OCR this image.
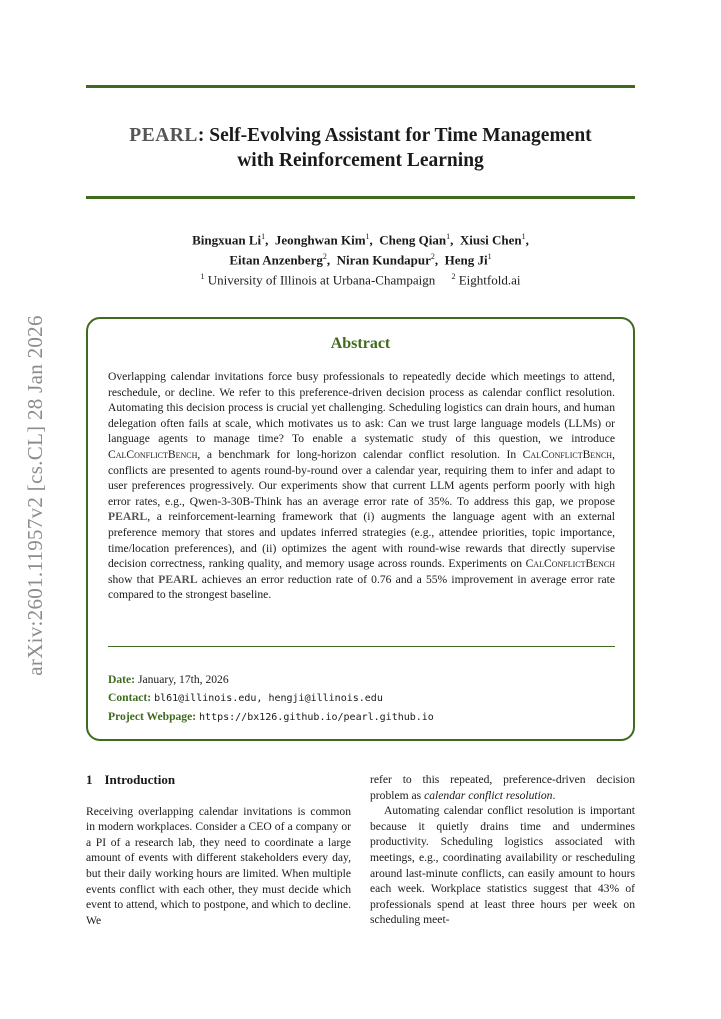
arXiv:2601.11957v2 [cs.CL] 28 Jan 2026
PEARL: Self-Evolving Assistant for Time Management
with Reinforcement Learning
Bingxuan Li$^1$,  Jeonghwan Kim$^1$,  Cheng Qian$^1$,  Xiusi Chen$^1$,
Eitan Anzenberg$^2$,  Niran Kundapur$^2$,  Heng Ji$^1$
$^1$ University of Illinois at Urbana-Champaign $^2$ Eightfold.ai
Abstract
Overlapping calendar invitations force busy professionals to repeatedly decide which meetings to attend, reschedule, or decline. We refer to this preference-driven decision process as calendar conflict resolution. Automating this decision process is crucial yet challenging. Scheduling logistics can drain hours, and human delegation often fails at scale, which motivates us to ask: Can we trust large language models (LLMs) or language agents to manage time? To enable a systematic study of this question, we introduce CalConflictBench, a benchmark for long-horizon calendar conflict resolution. In CalConflictBench, conflicts are presented to agents round-by-round over a calendar year, requiring them to infer and adapt to user preferences progressively. Our experiments show that current LLM agents perform poorly with high error rates, e.g., Qwen-3-30B-Think has an average error rate of 35%. To address this gap, we propose PEARL, a reinforcement-learning framework that (i) augments the language agent with an external preference memory that stores and updates inferred strategies (e.g., attendee priorities, topic importance, time/location preferences), and (ii) optimizes the agent with round-wise rewards that directly supervise decision correctness, ranking quality, and memory usage across rounds. Experiments on CalConflictBench show that PEARL achieves an error reduction rate of 0.76 and a 55% improvement in average error rate compared to the strongest baseline.
Date: January, 17th, 2026
Contact: bl61@illinois.edu, hengji@illinois.edu
Project Webpage: https://bx126.github.io/pearl.github.io
1 Introduction

Receiving overlapping calendar invitations is common in modern workplaces. Consider a CEO of a company or a PI of a research lab, they need to coordinate a large amount of events with different stakeholders every day, but their daily working hours are limited. When multiple events conflict with each other, they must decide which event to attend, which to postpone, and which to decline. We

refer to this repeated, preference-driven decision problem as calendar conflict resolution.

Automating calendar conflict resolution is important because it quietly drains time and undermines productivity. Scheduling logistics associated with meetings, e.g., coordinating availability or rescheduling around last-minute conflicts, can easily amount to hours each week. Workplace statistics suggest that 43% of professionals spend at least three hours per week on scheduling meet-
